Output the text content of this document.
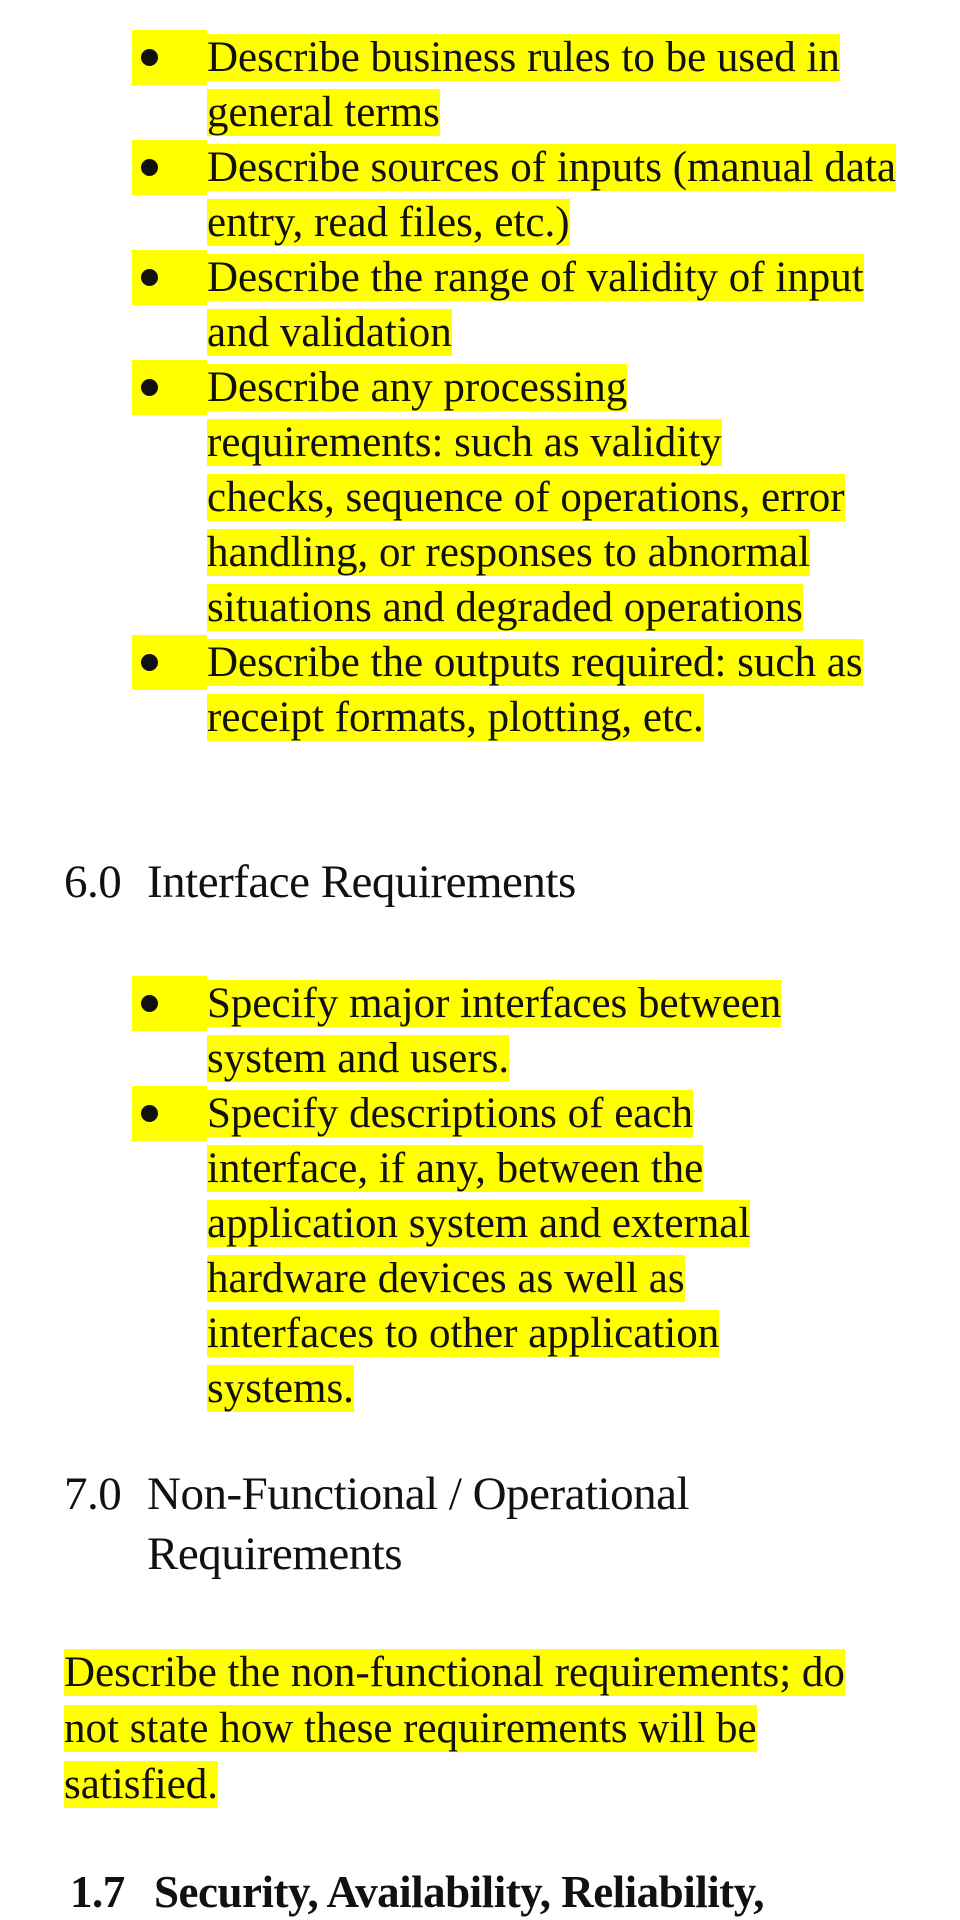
Describe business rules to be used in general terms
Describe sources of inputs (manual data entry, read files, etc.)
Describe the range of validity of input and validation
Describe any processing requirements: such as validity checks, sequence of operations, error handling, or responses to abnormal situations and degraded operations
Describe the outputs required: such as receipt formats, plotting, etc.
6.0 Interface Requirements
Specify major interfaces between system and users.
Specify descriptions of each interface, if any, between the application system and external hardware devices as well as interfaces to other application systems.
7.0 Non-Functional / Operational Requirements

Describe the non-functional requirements; do not state how these requirements will be satisfied.

1.7 Security, Availability, Reliability,
